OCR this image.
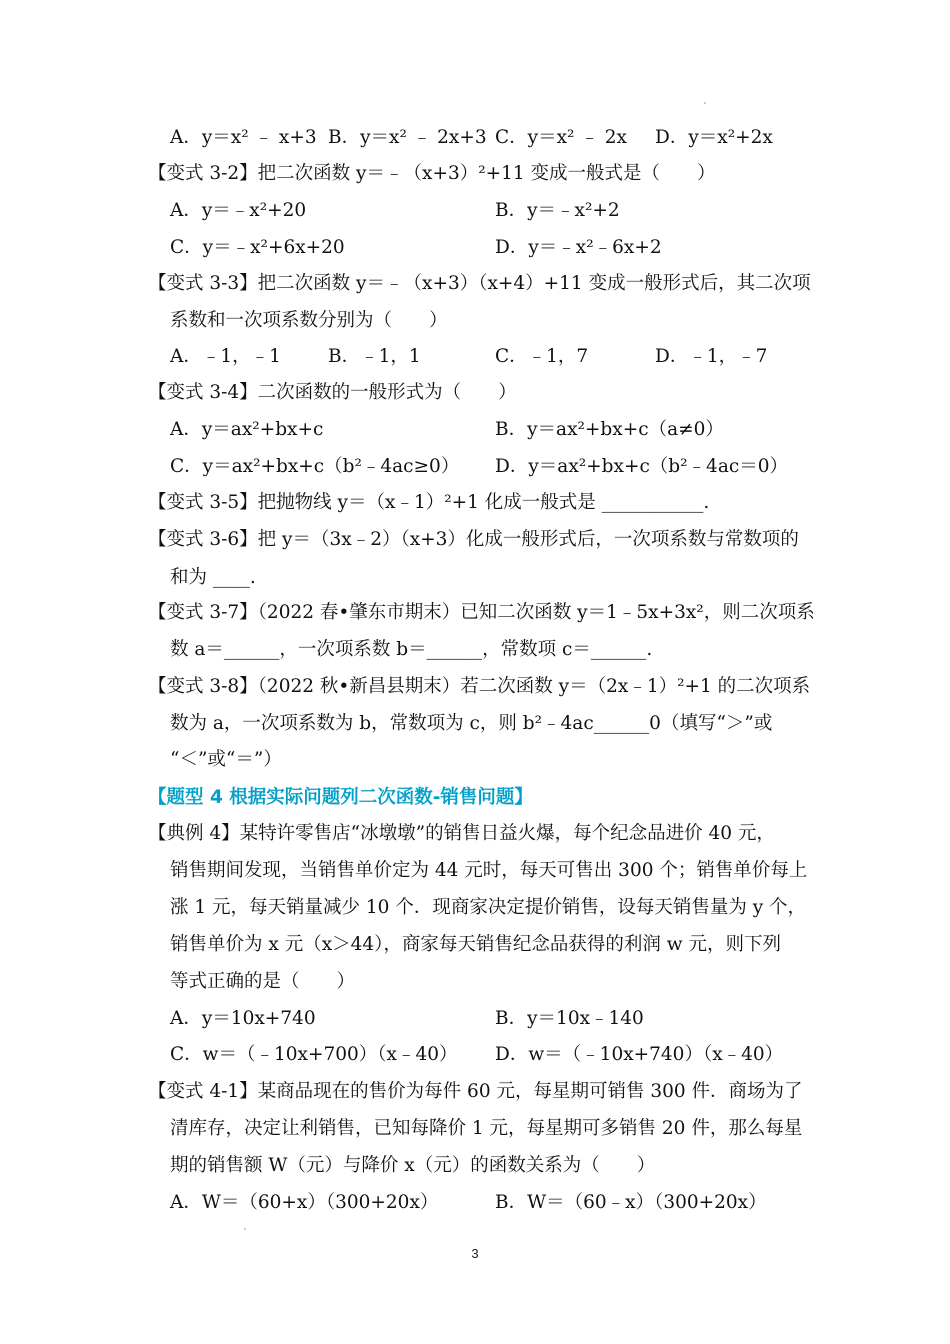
A．y＝x² ﹣ x+3 B．y＝x² ﹣ 2x+3 C．y＝x² ﹣ 2x D．y＝x²+2x
【变式 3-2】把二次函数 y＝﹣（x+3）²+11 变成一般式是（　　）
A．y＝﹣x²+20	B．y＝﹣x²+2
C．y＝﹣x²+6x+20	D．y＝﹣x²﹣6x+2
【变式 3-3】把二次函数 y＝﹣（x+3）（x+4）+11 变成一般形式后，其二次项
系数和一次项系数分别为（　　）
A．﹣1，﹣1	B．﹣1，1	C．﹣1，7	D．﹣1，﹣7
【变式 3-4】二次函数的一般形式为（　　）
A．y＝ax²+bx+c	B．y＝ax²+bx+c（a≠0）
C．y＝ax²+bx+c（b²﹣4ac≥0） D．y＝ax²+bx+c（b²﹣4ac＝0）
【变式 3-5】把抛物线 y＝（x﹣1）²+1 化成一般式是 ___________.
【变式 3-6】把 y＝（3x﹣2）（x+3）化成一般形式后，一次项系数与常数项的
和为 ____.
【变式 3-7】（2022 春•肇东市期末）已知二次函数 y＝1﹣5x+3x²，则二次项系
数 a＝______，一次项系数 b＝______，常数项 c＝______.
【变式 3-8】（2022 秋•新昌县期末）若二次函数 y＝（2x﹣1）²+1 的二次项系
数为 a，一次项系数为 b，常数项为 c，则 b²﹣4ac______0（填写“＞”或
“＜”或“＝”）
【题型 4 根据实际问题列二次函数-销售问题】
【典例 4】某特许零售店“冰墩墩”的销售日益火爆，每个纪念品进价 40 元，
销售期间发现，当销售单价定为 44 元时，每天可售出 300 个；销售单价每上
涨 1 元，每天销量减少 10 个．现商家决定提价销售，设每天销售量为 y 个，
销售单价为 x 元（x＞44），商家每天销售纪念品获得的利润 w 元，则下列
等式正确的是（　　）
A．y＝10x+740	B．y＝10x﹣140
C．w＝（﹣10x+700）（x﹣40） D．w＝（﹣10x+740）（x﹣40）
【变式 4-1】某商品现在的售价为每件 60 元，每星期可销售 300 件．商场为了
清库存，决定让利销售，已知每降价 1 元，每星期可多销售 20 件，那么每星
期的销售额 W（元）与降价 x（元）的函数关系为（　　）
A．W＝（60+x）（300+20x）	B．W＝（60﹣x）（300+20x）
3
